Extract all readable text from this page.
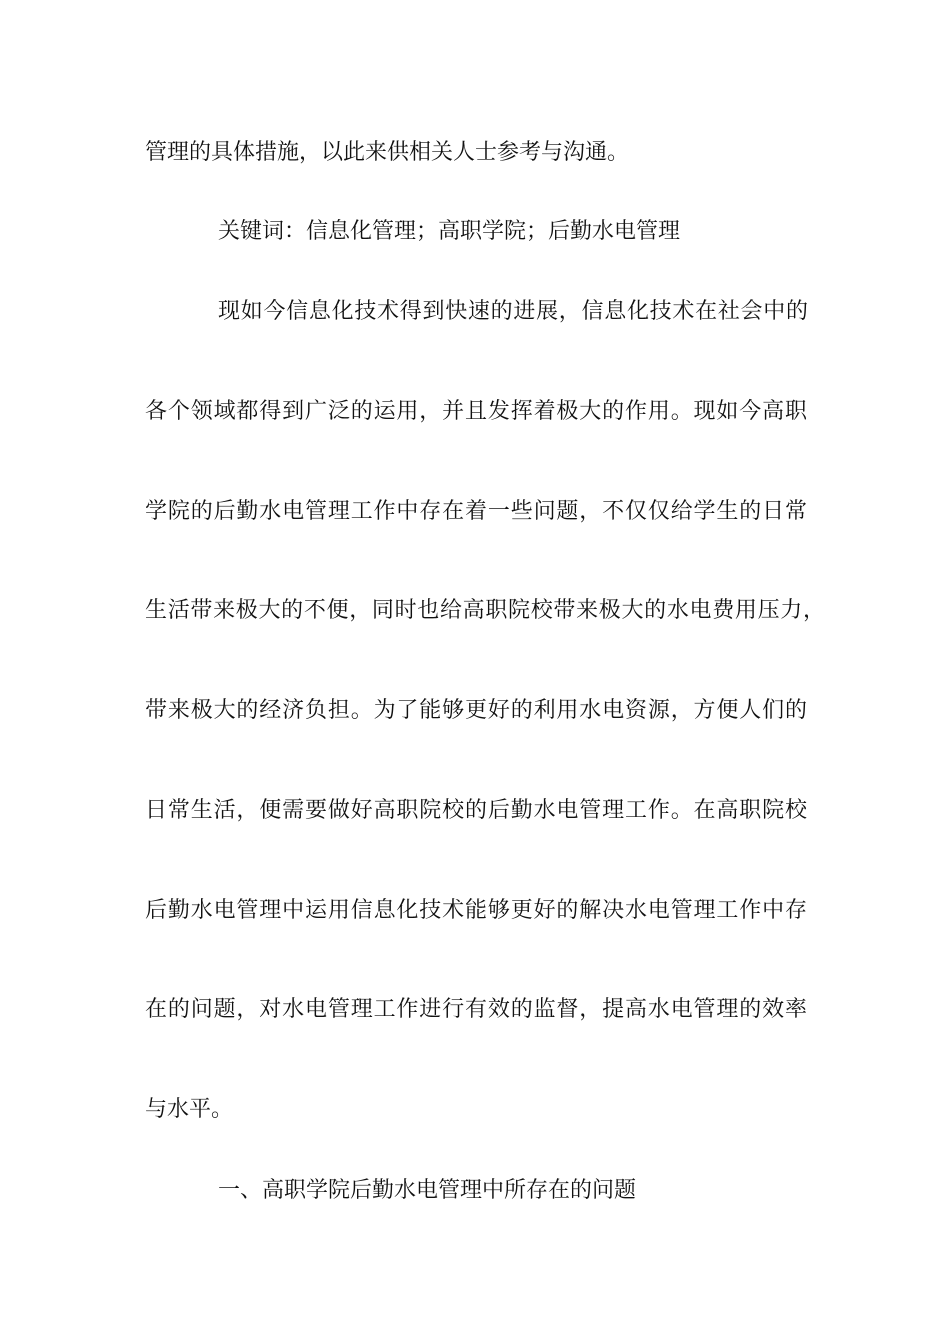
管理的具体措施，以此来供相关人士参考与沟通。
关键词：信息化管理；高职学院；后勤水电管理
现如今信息化技术得到快速的进展，信息化技术在社会中的
各个领域都得到广泛的运用，并且发挥着极大的作用。现如今高职
学院的后勤水电管理工作中存在着一些问题，不仅仅给学生的日常
生活带来极大的不便，同时也给高职院校带来极大的水电费用压力，
带来极大的经济负担。为了能够更好的利用水电资源，方便人们的
日常生活，便需要做好高职院校的后勤水电管理工作。在高职院校
后勤水电管理中运用信息化技术能够更好的解决水电管理工作中存
在的问题，对水电管理工作进行有效的监督，提高水电管理的效率
与水平。
一、高职学院后勤水电管理中所存在的问题
